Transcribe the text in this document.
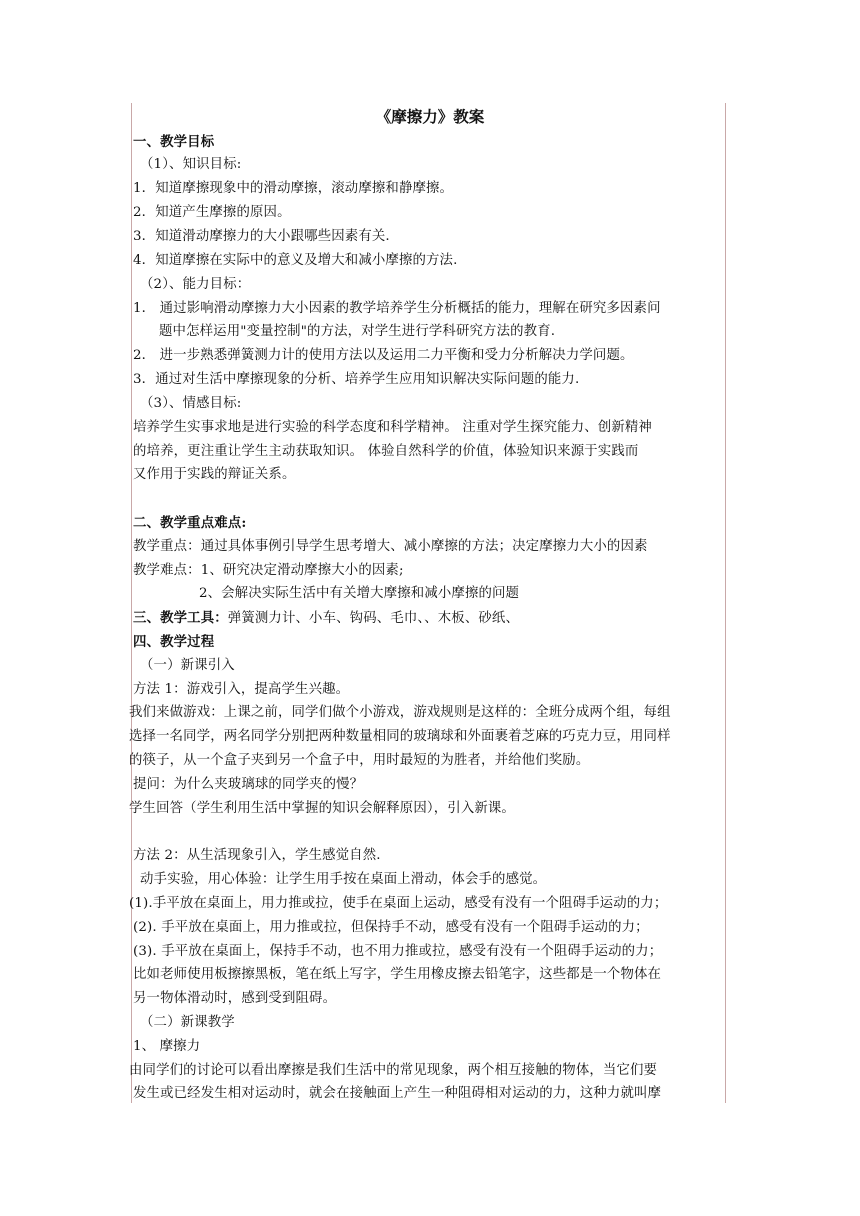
《摩擦力》教案
一、教学目标
（1）、知识目标:
1．知道摩擦现象中的滑动摩擦，滚动摩擦和静摩擦。
2．知道产生摩擦的原因。
3．知道滑动摩擦力的大小跟哪些因素有关.
4．知道摩擦在实际中的意义及增大和减小摩擦的方法.
（2）、能力目标：
1． 通过影响滑动摩擦力大小因素的教学培养学生分析概括的能力，理解在研究多因素问
题中怎样运用"变量控制"的方法，对学生进行学科研究方法的教育.
2． 进一步熟悉弹簧测力计的使用方法以及运用二力平衡和受力分析解决力学问题。
3．通过对生活中摩擦现象的分析、培养学生应用知识解决实际问题的能力.
（3）、情感目标:
培养学生实事求地是进行实验的科学态度和科学精神。 注重对学生探究能力、创新精神
的培养，更注重让学生主动获取知识。 体验自然科学的价值，体验知识来源于实践而
又作用于实践的辩证关系。
二、教学重点难点:
教学重点：通过具体事例引导学生思考增大、减小摩擦的方法；决定摩擦力大小的因素
教学难点：1、研究决定滑动摩擦大小的因素;
2、会解决实际生活中有关增大摩擦和减小摩擦的问题
三、教学工具：弹簧测力计、小车、钩码、毛巾、、木板、砂纸、
四、教学过程
（一）新课引入
方法 1：游戏引入，提高学生兴趣。
我们来做游戏：上课之前，同学们做个小游戏，游戏规则是这样的：全班分成两个组，每组
选择一名同学，两名同学分别把两种数量相同的玻璃球和外面裹着芝麻的巧克力豆，用同样
的筷子，从一个盒子夹到另一个盒子中，用时最短的为胜者，并给他们奖励。
提问：为什么夹玻璃球的同学夹的慢？
学生回答（学生利用生活中掌握的知识会解释原因），引入新课。
方法 2：从生活现象引入，学生感觉自然.
动手实验，用心体验：让学生用手按在桌面上滑动，体会手的感觉。
(1).手平放在桌面上，用力推或拉，使手在桌面上运动，感受有没有一个阻碍手运动的力；
(2). 手平放在桌面上，用力推或拉，但保持手不动，感受有没有一个阻碍手运动的力；
(3). 手平放在桌面上，保持手不动，也不用力推或拉，感受有没有一个阻碍手运动的力；
比如老师使用板擦擦黑板，笔在纸上写字，学生用橡皮擦去铅笔字，这些都是一个物体在
另一物体滑动时，感到受到阻碍。
（二）新课教学
1、 摩擦力
由同学们的讨论可以看出摩擦是我们生活中的常见现象，两个相互接触的物体，当它们要
发生或已经发生相对运动时，就会在接触面上产生一种阻碍相对运动的力，这种力就叫摩
